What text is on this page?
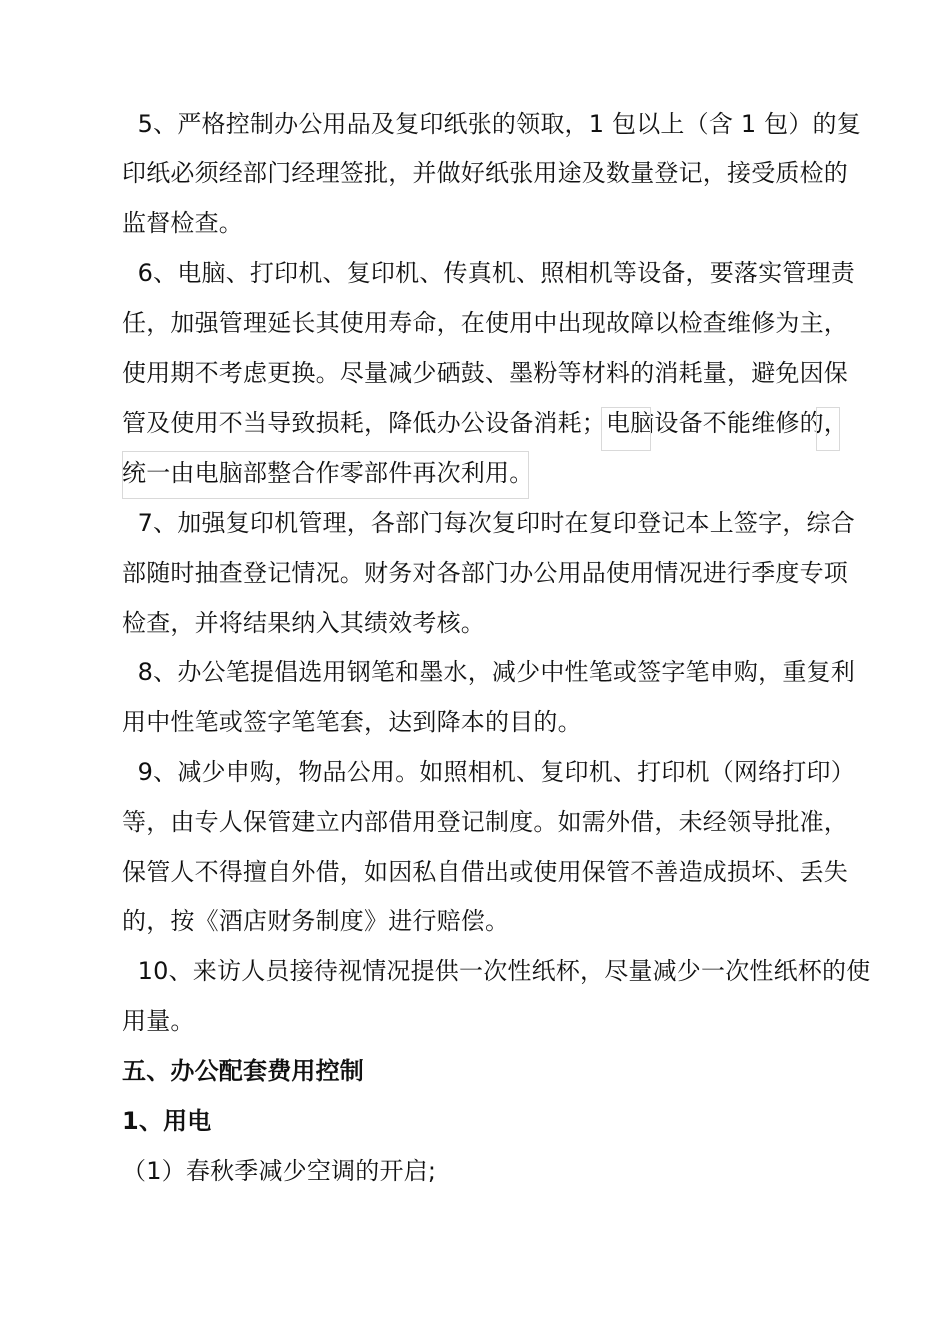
5、严格控制办公用品及复印纸张的领取，1 包以上（含 1 包）的复
印纸必须经部门经理签批，并做好纸张用途及数量登记，接受质检的
监督检查。
6、电脑、打印机、复印机、传真机、照相机等设备，要落实管理责
任，加强管理延长其使用寿命，在使用中出现故障以检查维修为主，
使用期不考虑更换。尽量减少硒鼓、墨粉等材料的消耗量，避免因保
管及使用不当导致损耗，降低办公设备消耗；电脑设备不能维修的，
统一由电脑部整合作零部件再次利用。
7、加强复印机管理，各部门每次复印时在复印登记本上签字，综合
部随时抽查登记情况。财务对各部门办公用品使用情况进行季度专项
检查，并将结果纳入其绩效考核。
8、办公笔提倡选用钢笔和墨水，减少中性笔或签字笔申购，重复利
用中性笔或签字笔笔套，达到降本的目的。
9、减少申购，物品公用。如照相机、复印机、打印机（网络打印）
等，由专人保管建立内部借用登记制度。如需外借，未经领导批准，
保管人不得擅自外借，如因私自借出或使用保管不善造成损坏、丢失
的，按《酒店财务制度》进行赔偿。
10、来访人员接待视情况提供一次性纸杯，尽量减少一次性纸杯的使
用量。
五、办公配套费用控制
1、用电
（1）春秋季减少空调的开启;
